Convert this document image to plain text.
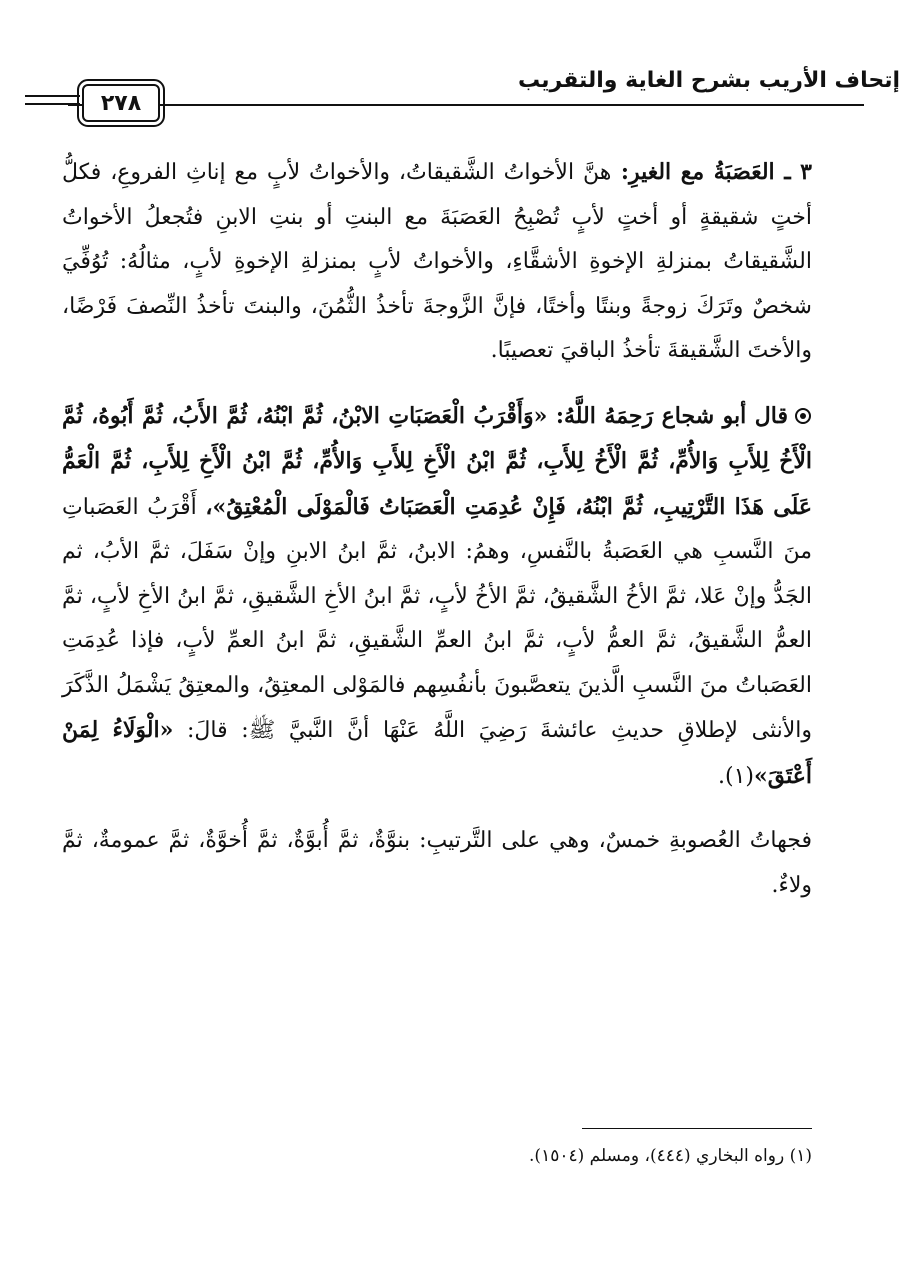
إتحاف الأريب بشرح الغاية والتقريب
٢٧٨
٣ ـ العَصَبَةُ مع الغيرِ: هنَّ الأخواتُ الشَّقيقاتُ، والأخواتُ لأبٍ مع إناثِ الفروعِ، فكلُّ أختٍ شقيقةٍ أو أختٍ لأبٍ تُصْبِحُ العَصَبَةَ مع البنتِ أو بنتِ الابنِ فتُجعلُ الأخواتُ الشَّقيقاتُ بمنزلةِ الإخوةِ الأشقَّاءِ، والأخواتُ لأبٍ بمنزلةِ الإخوةِ لأبٍ، مثالُهُ: تُوُفِّيَ شخصٌ وتَرَكَ زوجةً وبنتًا وأختًا، فإنَّ الزَّوجةَ تأخذُ الثُّمُنَ، والبنتَ تأخذُ النِّصفَ فَرْضًا، والأختَ الشَّقيقةَ تأخذُ الباقيَ تعصيبًا.
قال أبو شجاع رَحِمَهُ اللَّهُ: «وَأَقْرَبُ الْعَصَبَاتِ الابْنُ، ثُمَّ ابْنُهُ، ثُمَّ الأَبُ، ثُمَّ أَبُوهُ، ثُمَّ الْأَخُ لِلأَبِ وَالأُمِّ، ثُمَّ الْأَخُ لِلأَبِ، ثُمَّ ابْنُ الْأَخِ لِلأَبِ وَالأُمِّ، ثُمَّ ابْنُ الْأَخِ لِلأَبِ، ثُمَّ الْعَمُّ عَلَى هَذَا التَّرْتِيبِ، ثُمَّ ابْنُهُ، فَإِنْ عُدِمَتِ الْعَصَبَاتُ فَالْمَوْلَى الْمُعْتِقُ»، أَقْرَبُ العَصَباتِ منَ النَّسبِ هي العَصَبةُ بالنَّفسِ، وهمُ: الابنُ، ثمَّ ابنُ الابنِ وإنْ سَفَلَ، ثمَّ الأبُ، ثم الجَدُّ وإنْ عَلا، ثمَّ الأخُ الشَّقيقُ، ثمَّ الأخُ لأبٍ، ثمَّ ابنُ الأخِ الشَّقيقِ، ثمَّ ابنُ الأخِ لأبٍ، ثمَّ العمُّ الشَّقيقُ، ثمَّ العمُّ لأبٍ، ثمَّ ابنُ العمِّ الشَّقيقِ، ثمَّ ابنُ العمِّ لأبٍ، فإذا عُدِمَتِ العَصَباتُ منَ النَّسبِ الَّذينَ يتعصَّبونَ بأنفُسِهم فالمَوْلى المعتِقُ، والمعتِقُ يَشْمَلُ الذَّكَرَ والأنثى لإطلاقِ حديثِ عائشةَ رَضِيَ اللَّهُ عَنْهَا أنَّ النَّبيَّ ﷺ: قالَ: «الْوَلَاءُ لِمَنْ أَعْتَقَ»(١).
فجهاتُ العُصوبةِ خمسٌ، وهي على التَّرتيبِ: بنوَّةٌ، ثمَّ أُبوَّةٌ، ثمَّ أُخوَّةٌ، ثمَّ عمومةٌ، ثمَّ ولاءٌ.
(١) رواه البخاري (٤٤٤)، ومسلم (١٥٠٤).
